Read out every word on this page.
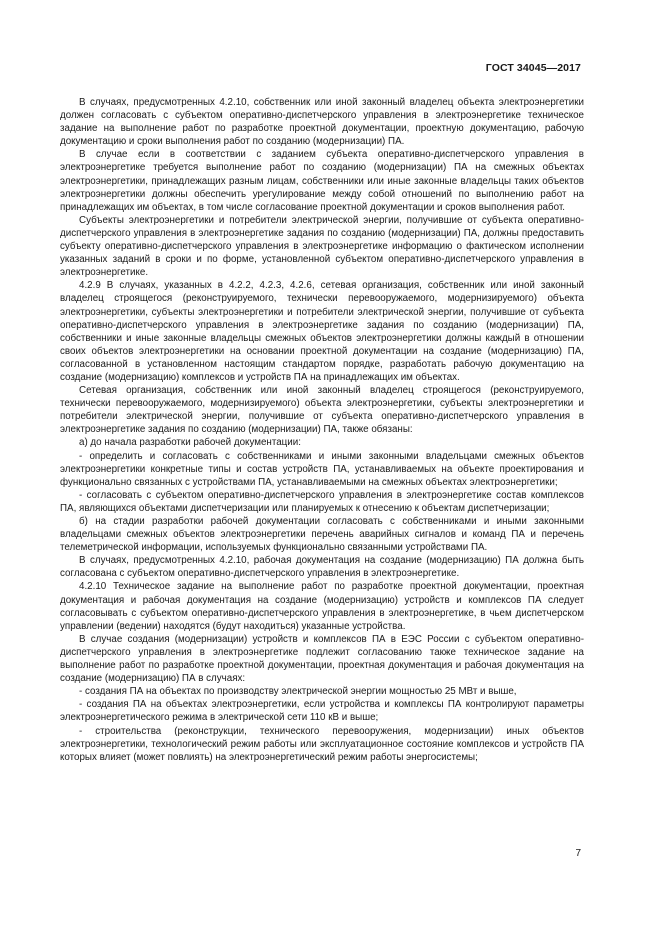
ГОСТ 34045—2017

В случаях, предусмотренных 4.2.10, собственник или иной законный владелец объекта электроэнергетики должен согласовать с субъектом оперативно-диспетчерского управления в электроэнергетике техническое задание на выполнение работ по разработке проектной документации, проектную документацию, рабочую документацию и сроки выполнения работ по созданию (модернизации) ПА.

В случае если в соответствии с заданием субъекта оперативно-диспетчерского управления в электроэнергетике требуется выполнение работ по созданию (модернизации) ПА на смежных объектах электроэнергетики, принадлежащих разным лицам, собственники или иные законные владельцы таких объектов электроэнергетики должны обеспечить урегулирование между собой отношений по выполнению работ на принадлежащих им объектах, в том числе согласование проектной документации и сроков выполнения работ.

Субъекты электроэнергетики и потребители электрической энергии, получившие от субъекта оперативно-диспетчерского управления в электроэнергетике задания по созданию (модернизации) ПА, должны предоставить субъекту оперативно-диспетчерского управления в электроэнергетике информацию о фактическом исполнении указанных заданий в сроки и по форме, установленной субъектом оперативно-диспетчерского управления в электроэнергетике.

4.2.9 В случаях, указанных в 4.2.2, 4.2.3, 4.2.6, сетевая организация, собственник или иной законный владелец строящегося (реконструируемого, технически перевооружаемого, модернизируемого) объекта электроэнергетики, субъекты электроэнергетики и потребители электрической энергии, получившие от субъекта оперативно-диспетчерского управления в электроэнергетике задания по созданию (модернизации) ПА, собственники и иные законные владельцы смежных объектов электроэнергетики должны каждый в отношении своих объектов электроэнергетики на основании проектной документации на создание (модернизацию) ПА, согласованной в установленном настоящим стандартом порядке, разработать рабочую документацию на создание (модернизацию) комплексов и устройств ПА на принадлежащих им объектах.

Сетевая организация, собственник или иной законный владелец строящегося (реконструируемого, технически перевооружаемого, модернизируемого) объекта электроэнергетики, субъекты электроэнергетики и потребители электрической энергии, получившие от субъекта оперативно-диспетчерского управления в электроэнергетике задания по созданию (модернизации) ПА, также обязаны:

а) до начала разработки рабочей документации:

- определить и согласовать с собственниками и иными законными владельцами смежных объектов электроэнергетики конкретные типы и состав устройств ПА, устанавливаемых на объекте проектирования и функционально связанных с устройствами ПА, устанавливаемыми на смежных объектах электроэнергетики;

- согласовать с субъектом оперативно-диспетчерского управления в электроэнергетике состав комплексов ПА, являющихся объектами диспетчеризации или планируемых к отнесению к объектам диспетчеризации;

б) на стадии разработки рабочей документации согласовать с собственниками и иными законными владельцами смежных объектов электроэнергетики перечень аварийных сигналов и команд ПА и перечень телеметрической информации, используемых функционально связанными устройствами ПА.

В случаях, предусмотренных 4.2.10, рабочая документация на создание (модернизацию) ПА должна быть согласована с субъектом оперативно-диспетчерского управления в электроэнергетике.

4.2.10 Техническое задание на выполнение работ по разработке проектной документации, проектная документация и рабочая документация на создание (модернизацию) устройств и комплексов ПА следует согласовывать с субъектом оперативно-диспетчерского управления в электроэнергетике, в чьем диспетчерском управлении (ведении) находятся (будут находиться) указанные устройства.

В случае создания (модернизации) устройств и комплексов ПА в ЕЭС России с субъектом оперативно-диспетчерского управления в электроэнергетике подлежит согласованию также техническое задание на выполнение работ по разработке проектной документации, проектная документация и рабочая документация на создание (модернизацию) ПА в случаях:

- создания ПА на объектах по производству электрической энергии мощностью 25 МВт и выше,

- создания ПА на объектах электроэнергетики, если устройства и комплексы ПА контролируют параметры электроэнергетического режима в электрической сети 110 кВ и выше;

- строительства (реконструкции, технического перевооружения, модернизации) иных объектов электроэнергетики, технологический режим работы или эксплуатационное состояние комплексов и устройств ПА которых влияет (может повлиять) на электроэнергетический режим работы энергосистемы;

7
